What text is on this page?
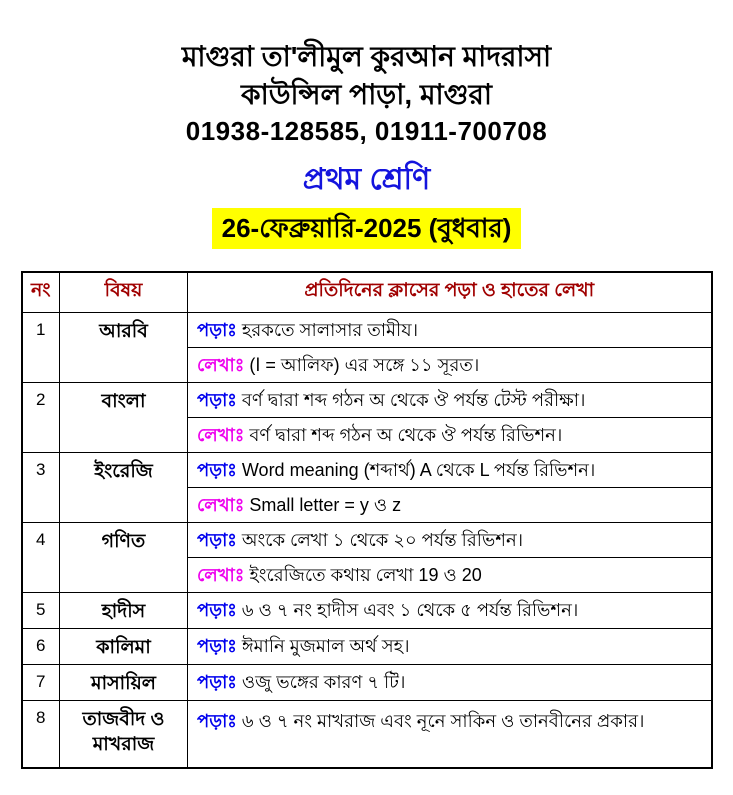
মাগুরা তা'লীমুল কুরআন মাদরাসা
কাউন্সিল পাড়া, মাগুরা
01938-128585, 01911-700708
প্রথম শ্রেণি
26-ফেব্রুয়ারি-2025 (বুধবার)
নং	বিষয়	প্রতিদিনের ক্লাসের পড়া ও হাতের লেখা
1	আরবি	পড়াঃ হরকতে সালাসার তামীয।
		লেখাঃ (ا = আলিফ) এর সঙ্গে ১১ সূরত।
2	বাংলা	পড়াঃ বর্ণ দ্বারা শব্দ গঠন অ থেকে ঔ পর্যন্ত টেস্ট পরীক্ষা।
		লেখাঃ বর্ণ দ্বারা শব্দ গঠন অ থেকে ঔ পর্যন্ত রিভিশন।
3	ইংরেজি	পড়াঃ Word meaning (শব্দার্থ) A থেকে L পর্যন্ত রিভিশন।
		লেখাঃ Small letter = y ও z
4	গণিত	পড়াঃ অংকে লেখা ১ থেকে ২০ পর্যন্ত রিভিশন।
		লেখাঃ ইংরেজিতে কথায় লেখা 19 ও 20
5	হাদীস	পড়াঃ ৬ ও ৭ নং হাদীস এবং ১ থেকে ৫ পর্যন্ত রিভিশন।
6	কালিমা	পড়াঃ ঈমানি মুজমাল অর্থ সহ।
7	মাসায়িল	পড়াঃ ওজু ভঙ্গের কারণ ৭ টি।
8	তাজবীদ ও মাখরাজ	পড়াঃ ৬ ও ৭ নং মাখরাজ এবং নূনে সাকিন ও তানবীনের প্রকার।
